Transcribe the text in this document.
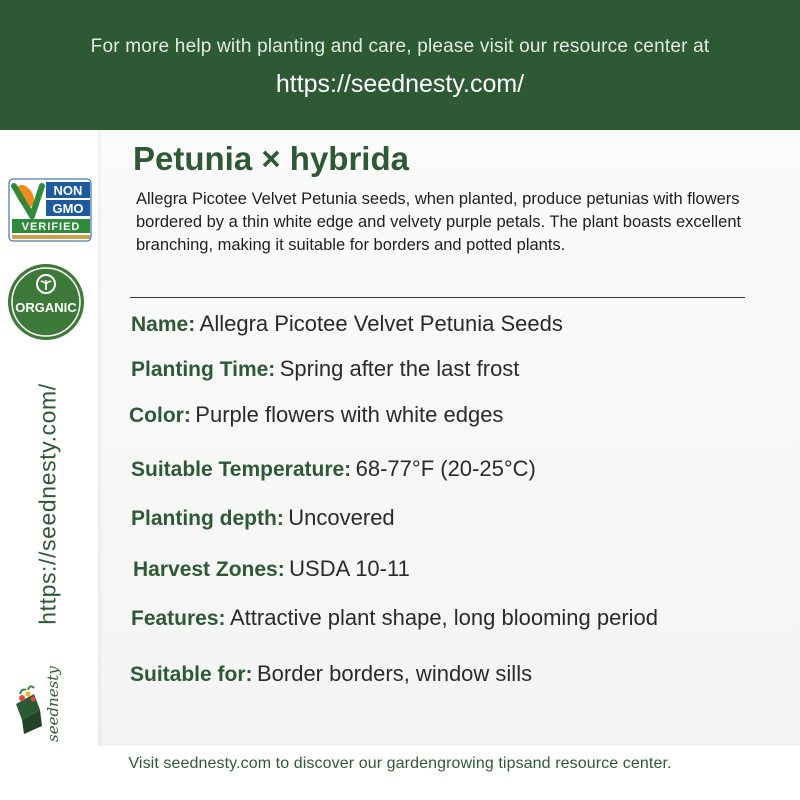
For more help with planting and care, please visit our resource center at
https://seednesty.com/
NON
GMO
VERIFIED
ORGANIC
https://seednesty.com/
seednesty
Petunia × hybrida
Allegra Picotee Velvet Petunia seeds, when planted, produce petunias with flowers bordered by a thin white edge and velvety purple petals. The plant boasts excellent branching, making it suitable for borders and potted plants.
Name: Allegra Picotee Velvet Petunia Seeds
Planting Time: Spring after the last frost
Color: Purple flowers with white edges
Suitable Temperature: 68-77°F (20-25°C)
Planting depth: Uncovered
Harvest Zones: USDA 10-11
Features: Attractive plant shape, long blooming period
Suitable for: Border borders, window sills
Visit seednesty.com to discover our gardengrowing tipsand resource center.
